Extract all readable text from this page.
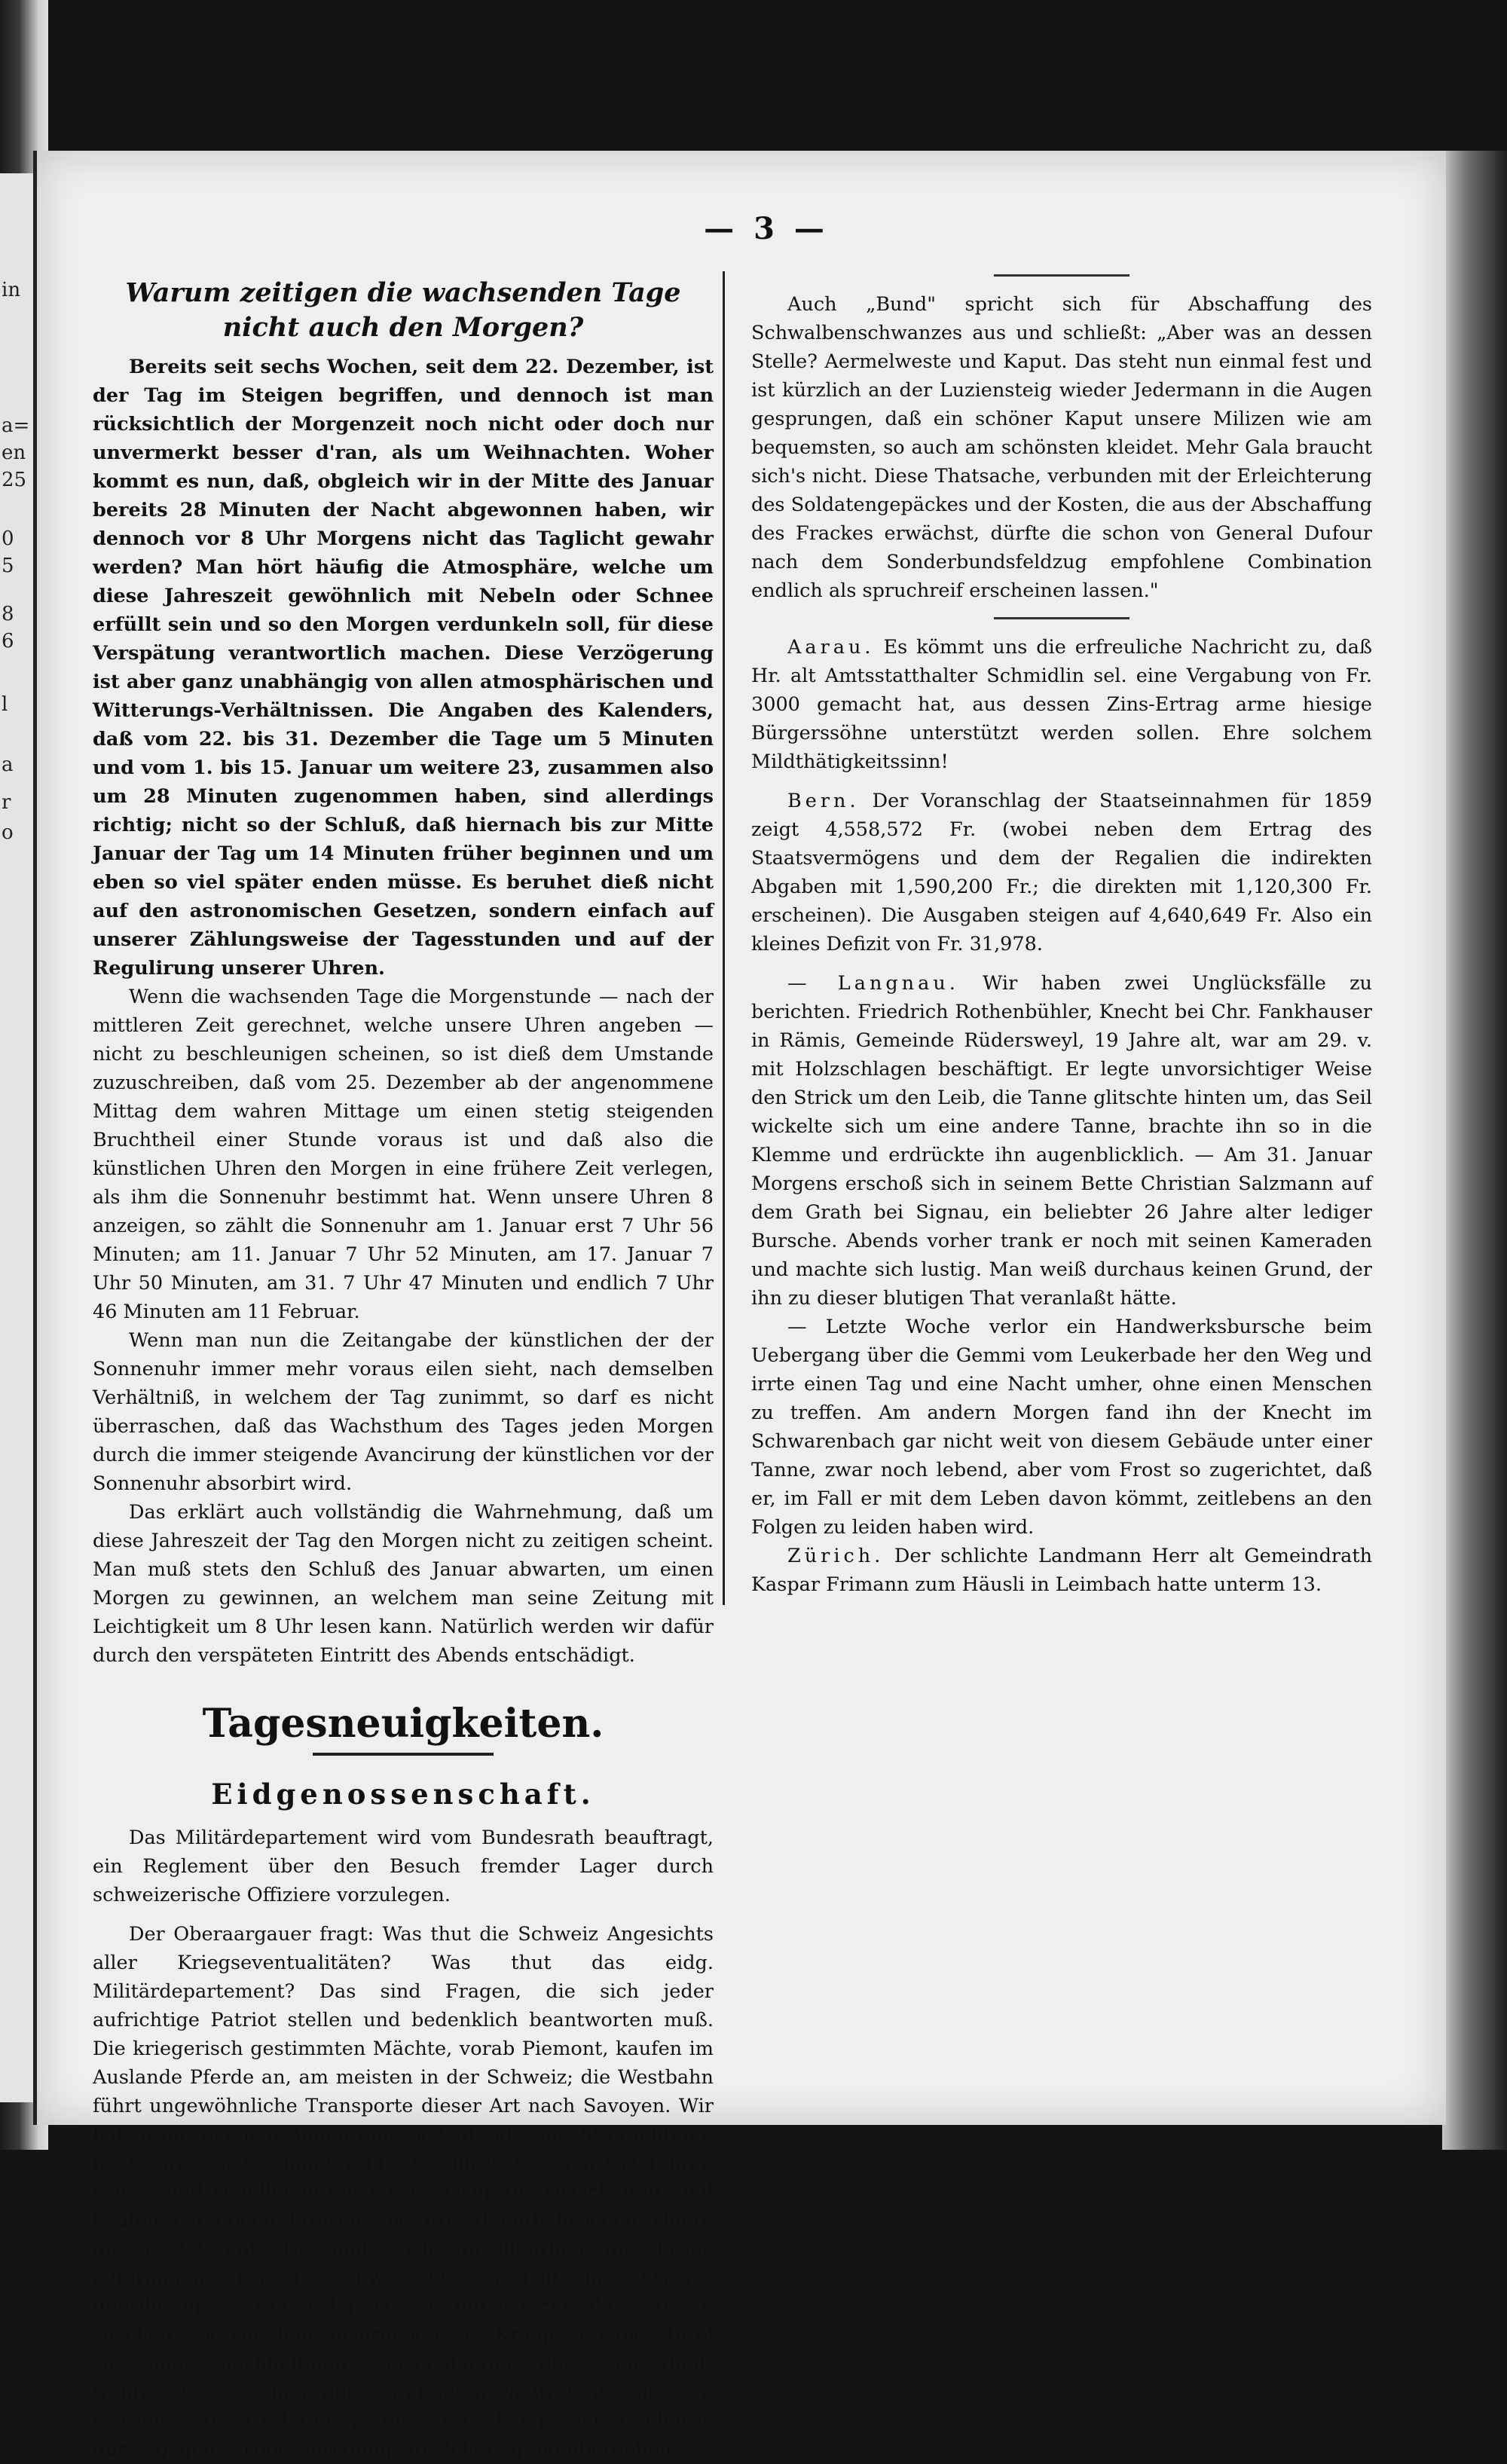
in
a=
en
25
0
5
8
6
l
a
r
o
— 3 —
Warum zeitigen die wachsenden Tage nicht auch den Morgen?

Bereits seit sechs Wochen, seit dem 22. Dezember, ist der Tag im Steigen begriffen, und dennoch ist man rücksichtlich der Morgenzeit noch nicht oder doch nur unvermerkt besser d'ran, als um Weihnachten. Woher kommt es nun, daß, obgleich wir in der Mitte des Januar bereits 28 Minuten der Nacht abgewonnen haben, wir dennoch vor 8 Uhr Morgens nicht das Taglicht gewahr werden? Man hört häufig die Atmosphäre, welche um diese Jahreszeit gewöhnlich mit Nebeln oder Schnee erfüllt sein und so den Morgen verdunkeln soll, für diese Verspätung verantwortlich machen. Diese Verzögerung ist aber ganz unabhängig von allen atmosphärischen und Witterungs-Verhältnissen. Die Angaben des Kalenders, daß vom 22. bis 31. Dezember die Tage um 5 Minuten und vom 1. bis 15. Januar um weitere 23, zusammen also um 28 Minuten zugenommen haben, sind allerdings richtig; nicht so der Schluß, daß hiernach bis zur Mitte Januar der Tag um 14 Minuten früher beginnen und um eben so viel später enden müsse. Es beruhet dieß nicht auf den astronomischen Gesetzen, sondern einfach auf unserer Zählungsweise der Tagesstunden und auf der Regulirung unserer Uhren.

Wenn die wachsenden Tage die Morgenstunde — nach der mittleren Zeit gerechnet, welche unsere Uhren angeben — nicht zu beschleunigen scheinen, so ist dieß dem Umstande zuzuschreiben, daß vom 25. Dezember ab der angenommene Mittag dem wahren Mittage um einen stetig steigenden Bruchtheil einer Stunde voraus ist und daß also die künstlichen Uhren den Morgen in eine frühere Zeit verlegen, als ihm die Sonnenuhr bestimmt hat. Wenn unsere Uhren 8 anzeigen, so zählt die Sonnenuhr am 1. Januar erst 7 Uhr 56 Minuten; am 11. Januar 7 Uhr 52 Minuten, am 17. Januar 7 Uhr 50 Minuten, am 31. 7 Uhr 47 Minuten und endlich 7 Uhr 46 Minuten am 11 Februar.

Wenn man nun die Zeitangabe der künstlichen der der Sonnenuhr immer mehr voraus eilen sieht, nach demselben Verhältniß, in welchem der Tag zunimmt, so darf es nicht überraschen, daß das Wachsthum des Tages jeden Morgen durch die immer steigende Avancirung der künstlichen vor der Sonnenuhr absorbirt wird.

Das erklärt auch vollständig die Wahrnehmung, daß um diese Jahreszeit der Tag den Morgen nicht zu zeitigen scheint. Man muß stets den Schluß des Januar abwarten, um einen Morgen zu gewinnen, an welchem man seine Zeitung mit Leichtigkeit um 8 Uhr lesen kann. Natürlich werden wir dafür durch den verspäteten Eintritt des Abends entschädigt.

Tagesneuigkeiten.
Eidgenossenschaft.

Das Militärdepartement wird vom Bundesrath beauftragt, ein Reglement über den Besuch fremder Lager durch schweizerische Offiziere vorzulegen.

Der Oberaargauer fragt: Was thut die Schweiz Angesichts aller Kriegseventualitäten? Was thut das eidg. Militärdepartement? Das sind Fragen, die sich jeder aufrichtige Patriot stellen und bedenklich beantworten muß. Die kriegerisch gestimmten Mächte, vorab Piemont, kaufen im Auslande Pferde an, am meisten in der Schweiz; die Westbahn führt ungewöhnliche Transporte dieser Art nach Savoyen. Wir haben mit eigenen Augen eine bedeutende Anzahl prächtiger, nach Savoyen bestimmter Pferde, durch hiesigen Ort führen sehen, und Händler durchziehen emsig alle Ortschaften, und kaufen bei hohen Preisen alle irgend entbehrlichen Thiere dieser Art auf. Da muß sich unwillkürlich die Frage aufdrängen: „Hat die Schweiz für den Fall eines Krieges überflüssige Pferde? Oder darf sie mit verschränkten Armen zusehen, wie vor dem Ausbruche eines Krieges ihr die Mittel zu einer nachhaltigen Vertheidigung der Neutralität, wohlverstanden einer gut bewaffneten Neutralität, entzogen werden??" Das ist die Frage, die wir der kompetenten Behörde durch gegenwärtige Anregung zur Beherzigung übergeben.

Auch „Bund" spricht sich für Abschaffung des Schwalbenschwanzes aus und schließt: „Aber was an dessen Stelle? Aermelweste und Kaput. Das steht nun einmal fest und ist kürzlich an der Luziensteig wieder Jedermann in die Augen gesprungen, daß ein schöner Kaput unsere Milizen wie am bequemsten, so auch am schönsten kleidet. Mehr Gala braucht sich's nicht. Diese Thatsache, verbunden mit der Erleichterung des Soldatengepäckes und der Kosten, die aus der Abschaffung des Frackes erwächst, dürfte die schon von General Dufour nach dem Sonderbundsfeldzug empfohlene Combination endlich als spruchreif erscheinen lassen."

Aarau. Es kömmt uns die erfreuliche Nachricht zu, daß Hr. alt Amtsstatthalter Schmidlin sel. eine Vergabung von Fr. 3000 gemacht hat, aus dessen Zins-Ertrag arme hiesige Bürgerssöhne unterstützt werden sollen. Ehre solchem Mildthätigkeitssinn!

Bern. Der Voranschlag der Staatseinnahmen für 1859 zeigt 4,558,572 Fr. (wobei neben dem Ertrag des Staatsvermögens und dem der Regalien die indirekten Abgaben mit 1,590,200 Fr.; die direkten mit 1,120,300 Fr. erscheinen). Die Ausgaben steigen auf 4,640,649 Fr. Also ein kleines Defizit von Fr. 31,978.

— Langnau. Wir haben zwei Unglücksfälle zu berichten. Friedrich Rothenbühler, Knecht bei Chr. Fankhauser in Rämis, Gemeinde Rüdersweyl, 19 Jahre alt, war am 29. v. mit Holzschlagen beschäftigt. Er legte unvorsichtiger Weise den Strick um den Leib, die Tanne glitschte hinten um, das Seil wickelte sich um eine andere Tanne, brachte ihn so in die Klemme und erdrückte ihn augenblicklich. — Am 31. Januar Morgens erschoß sich in seinem Bette Christian Salzmann auf dem Grath bei Signau, ein beliebter 26 Jahre alter lediger Bursche. Abends vorher trank er noch mit seinen Kameraden und machte sich lustig. Man weiß durchaus keinen Grund, der ihn zu dieser blutigen That veranlaßt hätte.

— Letzte Woche verlor ein Handwerksbursche beim Uebergang über die Gemmi vom Leukerbade her den Weg und irrte einen Tag und eine Nacht umher, ohne einen Menschen zu treffen. Am andern Morgen fand ihn der Knecht im Schwarenbach gar nicht weit von diesem Gebäude unter einer Tanne, zwar noch lebend, aber vom Frost so zugerichtet, daß er, im Fall er mit dem Leben davon kömmt, zeitlebens an den Folgen zu leiden haben wird.

Zürich. Der schlichte Landmann Herr alt Gemeindrath Kaspar Frimann zum Häusli in Leimbach hatte unterm 13.
